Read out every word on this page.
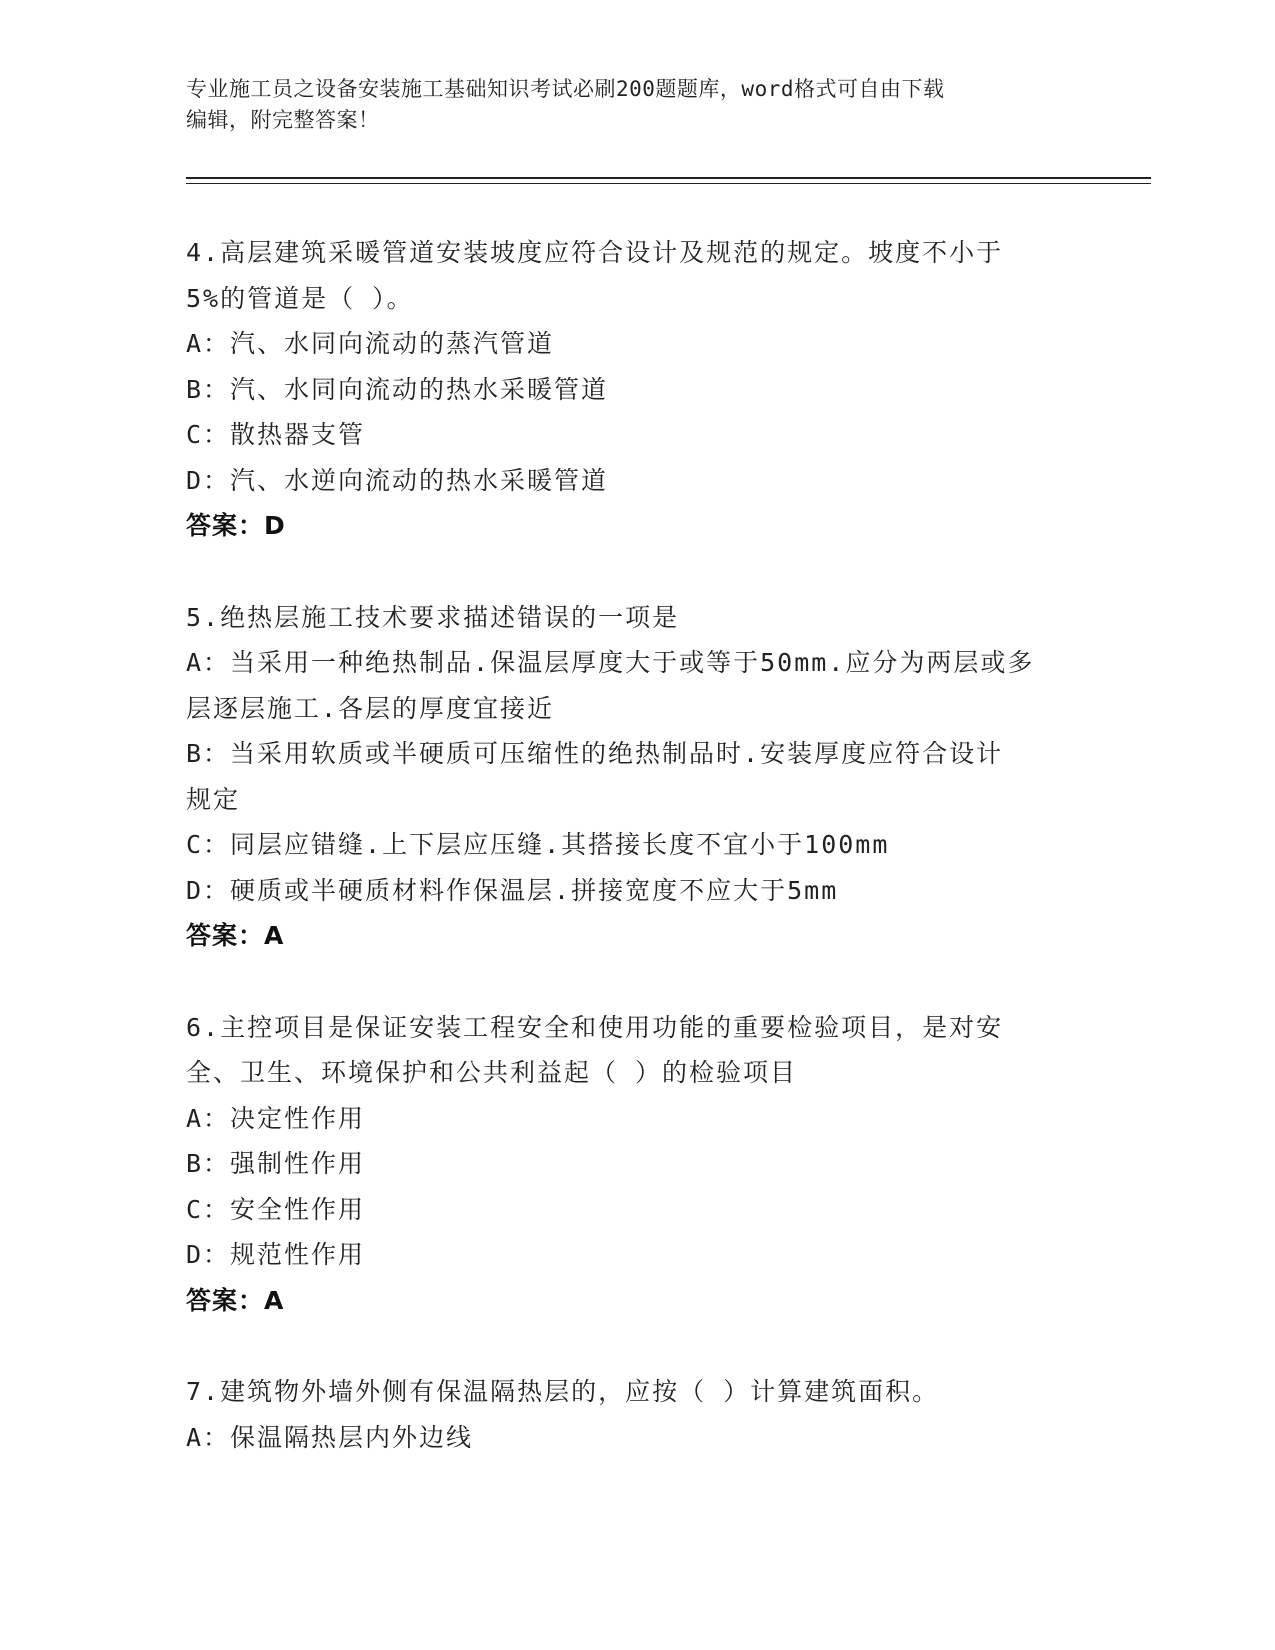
专业施工员之设备安装施工基础知识考试必刷200题题库，word格式可自由下载
编辑，附完整答案！
4.高层建筑采暖管道安装坡度应符合设计及规范的规定。坡度不小于
5%的管道是（ ）。
A：汽、水同向流动的蒸汽管道
B：汽、水同向流动的热水采暖管道
C：散热器支管
D：汽、水逆向流动的热水采暖管道
答案：D
5.绝热层施工技术要求描述错误的一项是
A：当采用一种绝热制品.保温层厚度大于或等于50mm.应分为两层或多
层逐层施工.各层的厚度宜接近
B：当采用软质或半硬质可压缩性的绝热制品时.安装厚度应符合设计
规定
C：同层应错缝.上下层应压缝.其搭接长度不宜小于100mm
D：硬质或半硬质材料作保温层.拼接宽度不应大于5mm
答案：A
6.主控项目是保证安装工程安全和使用功能的重要检验项目，是对安
全、卫生、环境保护和公共利益起（ ）的检验项目
A：决定性作用
B：强制性作用
C：安全性作用
D：规范性作用
答案：A
7.建筑物外墙外侧有保温隔热层的，应按（ ）计算建筑面积。
A：保温隔热层内外边线
